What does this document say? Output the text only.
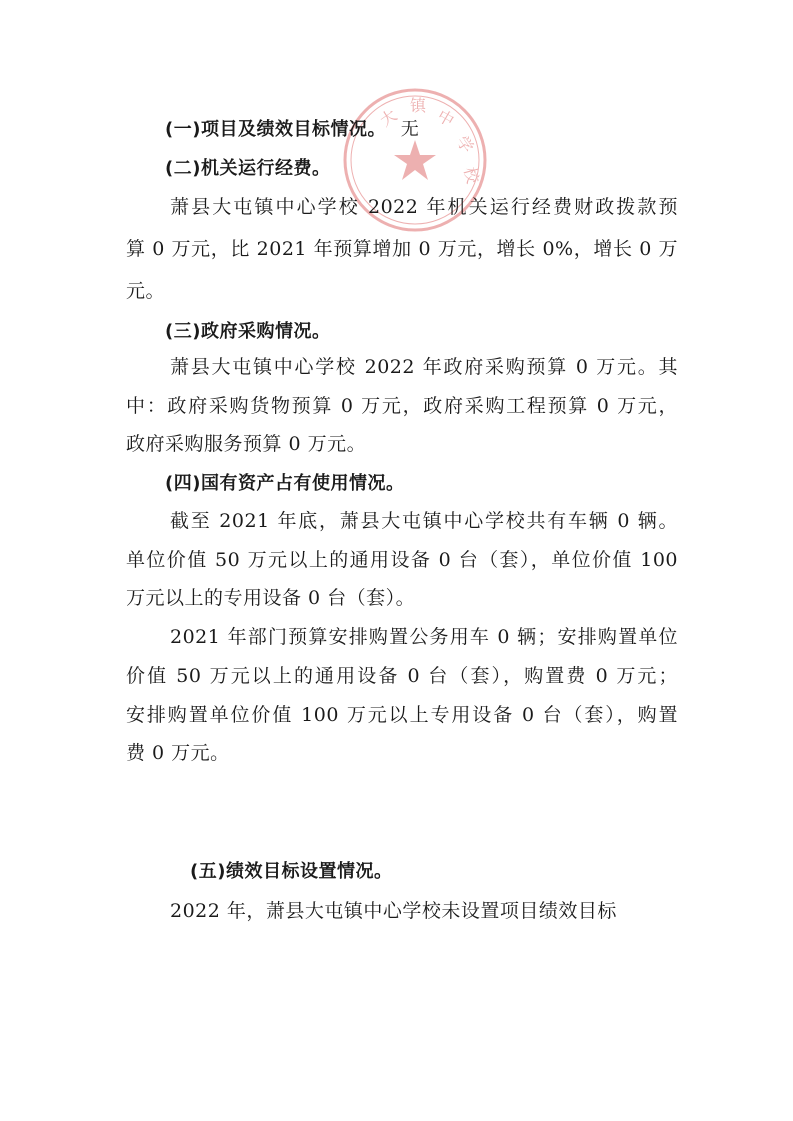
大
镇
中
学
校
(一)项目及绩效目标情况。 无
(二)机关运行经费。
萧县大屯镇中心学校 2022 年机关运行经费财政拨款预
算 0 万元，比 2021 年预算增加 0 万元，增长 0%，增长 0 万
元。
(三)政府采购情况。
萧县大屯镇中心学校 2022 年政府采购预算 0 万元。其
中：政府采购货物预算 0 万元，政府采购工程预算 0 万元，
政府采购服务预算 0 万元。
(四)国有资产占有使用情况。
截至 2021 年底，萧县大屯镇中心学校共有车辆 0 辆。
单位价值 50 万元以上的通用设备 0 台（套），单位价值 100
万元以上的专用设备 0 台（套）。
2021 年部门预算安排购置公务用车 0 辆；安排购置单位
价值 50 万元以上的通用设备 0 台（套），购置费 0 万元；
安排购置单位价值 100 万元以上专用设备 0 台（套），购置
费 0 万元。
(五)绩效目标设置情况。
2022 年，萧县大屯镇中心学校未设置项目绩效目标
